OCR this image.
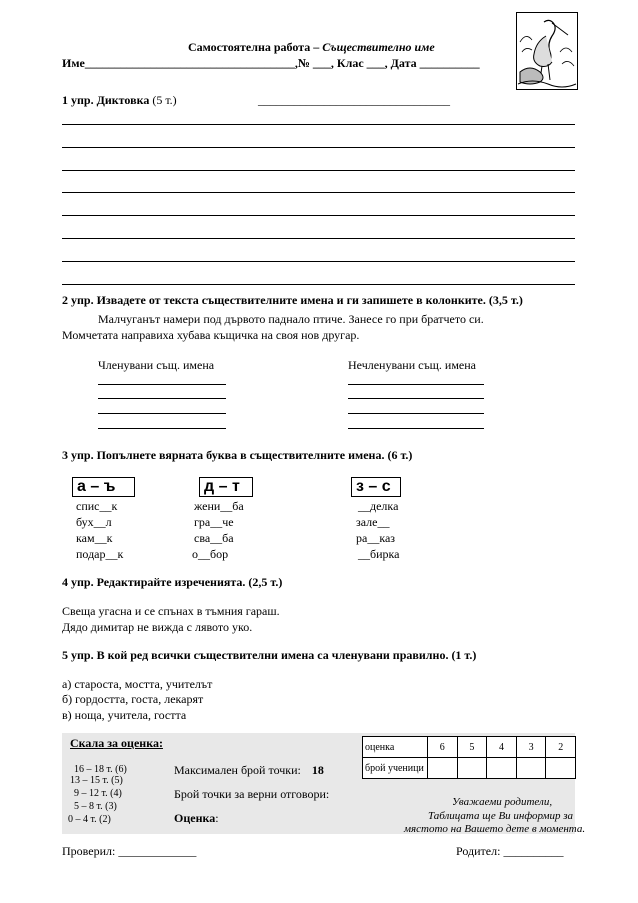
Самостоятелна работа – Съществително име
Име___________________________________,№ ___, Клас ___, Дата __________
1 упр. Диктовка (5 т.)	________________________________
2 упр. Извадете от текста съществителните имена и ги запишете в колонките. (3,5 т.)
Малчуганът намери под дървото паднало птиче. Занесе го при братчето си.
Момчетата направиха хубава къщичка на своя нов другар.
Членувани същ. имена	Нечленувани същ. имена
3 упр. Попълнете вярната буква в съществителните имена. (6 т.)
а – ъ	д – т	з – с
спис__к
бух__л
кам__к
подар__к
жени__ба
гра__че
сва__ба
о__бор
__делка
зале__
ра__каз
__бирка
4 упр. Редактирайте изреченията. (2,5 т.)
Свеща угасна и се спънах в тъмния гараш.
Дядо димитар не вижда с лявото уко.
5 упр. В кой ред всички съществителни имена са членувани правилно. (1 т.)
а) староста, мостта, учителът
б) гордостта, госта, лекарят
в) ноща, учитела, гостта
Скала за оценка:
16 – 18 т. (6)
13 – 15 т. (5)
9 – 12 т. (4)
5 – 8 т. (3)
0 – 4 т. (2)
Максимален брой точки: 18
Брой точки за верни отговори:
Оценка:
оценка	6	5	4	3	2
брой ученици					
Уважаеми родители,
Таблицата ще Ви информир за
мястото на Вашето дете в момента.
Проверил: _____________	Родител: __________
